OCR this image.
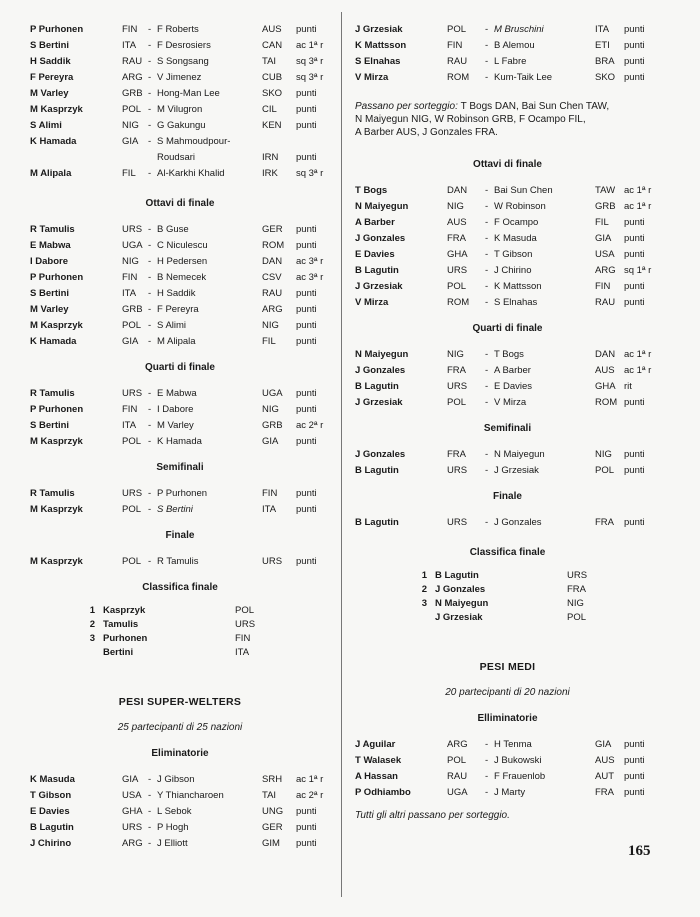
P Purhonen	FIN - F Roberts	AUS punti
S Bertini	ITA - F Desrosiers	CAN ac 1ª r
H Saddik	RAU - S Songsang	TAI sq 3ª r
F Pereyra	ARG - V Jimenez	CUB sq 3ª r
M Varley	GRB - Hong-Man Lee	SKO punti
M Kasprzyk	POL - M Vilugron	CIL punti
S Alimi	NIG - G Gakungu	KEN punti
K Hamada	GIA - S Mahmoudpour-
Roudsari	IRN punti
M Alipala	FIL - Al-Karkhi Khalid	IRK sq 3ª r
Ottavi di finale
R Tamulis	URS - B Guse	GER punti
E Mabwa	UGA - C Niculescu	ROM punti
I Dabore	NIG - H Pedersen	DAN ac 3ª r
P Purhonen	FIN - B Nemecek	CSV ac 3ª r
S Bertini	ITA - H Saddik	RAU punti
M Varley	GRB - F Pereyra	ARG punti
M Kasprzyk	POL - S Alimi	NIG punti
K Hamada	GIA - M Alipala	FIL punti
Quarti di finale
R Tamulis	URS - E Mabwa	UGA punti
P Purhonen	FIN - I Dabore	NIG punti
S Bertini	ITA - M Varley	GRB ac 2ª r
M Kasprzyk	POL - K Hamada	GIA punti
Semifinali
R Tamulis	URS - P Purhonen	FIN punti
M Kasprzyk	POL - S Bertini	ITA punti
Finale
M Kasprzyk	POL - R Tamulis	URS punti
Classifica finale
1 Kasprzyk	POL
2 Tamulis	URS
3 Purhonen	FIN
Bertini	ITA
PESI SUPER-WELTERS
25 partecipanti di 25 nazioni
Eliminatorie
K Masuda	GIA - J Gibson	SRH ac 1ª r
T Gibson	USA - Y Thiancharoen	TAI ac 2ª r
E Davies	GHA - L Sebok	UNG punti
B Lagutin	URS - P Hogh	GER punti
J Chirino	ARG - J Elliott	GIM punti
J Grzesiak	POL - M Bruschini	ITA punti
K Mattsson	FIN - B Alemou	ETI punti
S Elnahas	RAU - L Fabre	BRA punti
V Mirza	ROM - Kum-Taik Lee	SKO punti
Passano per sorteggio: T Bogs DAN, Bai Sun Chen TAW,
N Maiyegun NIG, W Robinson GRB, F Ocampo FIL,
A Barber AUS, J Gonzales FRA.
Ottavi di finale
T Bogs	DAN - Bai Sun Chen	TAW ac 1ª r
N Maiyegun	NIG - W Robinson	GRB ac 1ª r
A Barber	AUS - F Ocampo	FIL punti
J Gonzales	FRA - K Masuda	GIA punti
E Davies	GHA - T Gibson	USA punti
B Lagutin	URS - J Chirino	ARG sq 1ª r
J Grzesiak	POL - K Mattsson	FIN punti
V Mirza	ROM - S Elnahas	RAU punti
Quarti di finale
N Maiyegun	NIG - T Bogs	DAN ac 1ª r
J Gonzales	FRA - A Barber	AUS ac 1ª r
B Lagutin	URS - E Davies	GHA rit
J Grzesiak	POL - V Mirza	ROM punti
Semifinali
J Gonzales	FRA - N Maiyegun	NIG punti
B Lagutin	URS - J Grzesiak	POL punti
Finale
B Lagutin	URS - J Gonzales	FRA punti
Classifica finale
1 B Lagutin	URS
2 J Gonzales	FRA
3 N Maiyegun	NIG
J Grzesiak	POL
PESI MEDI
20 partecipanti di 20 nazioni
Elliminatorie
J Aguilar	ARG - H Tenma	GIA punti
T Walasek	POL - J Bukowski	AUS punti
A Hassan	RAU - F Frauenlob	AUT punti
P Odhiambo	UGA - J Marty	FRA punti
Tutti gli altri passano per sorteggio.
165
